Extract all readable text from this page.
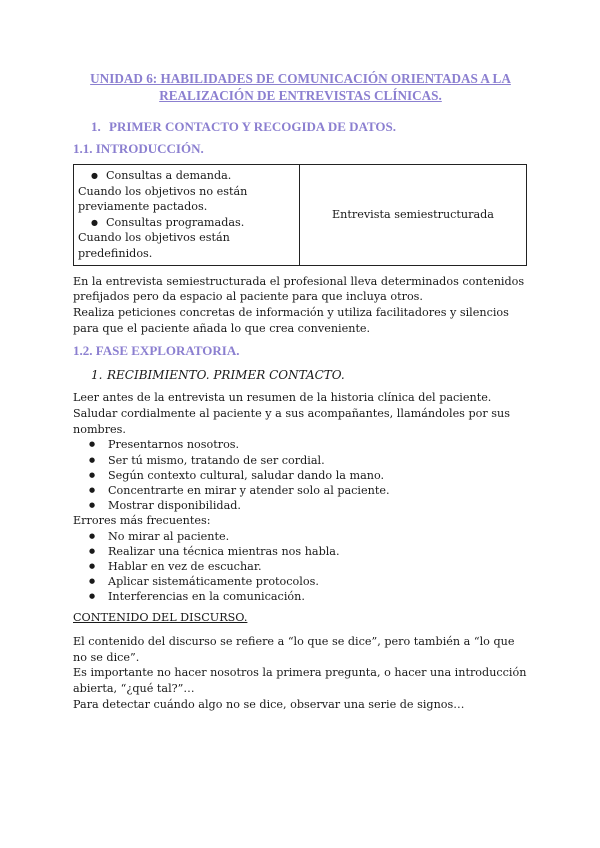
UNIDAD 6: HABILIDADES DE COMUNICACIÓN ORIENTADAS A LA
REALIZACIÓN DE ENTREVISTAS CLÍNICAS.
1. PRIMER CONTACTO Y RECOGIDA DE DATOS.
1.1. INTRODUCCIÓN.
● Consultas a demanda.
Cuando los objetivos no están previamente pactados.
● Consultas programadas.
Cuando los objetivos están predefinidos.
	Entrevista semiestructurada

En la entrevista semiestructurada el profesional lleva determinados contenidos prefijados pero da espacio al paciente para que incluya otros.

Realiza peticiones concretas de información y utiliza facilitadores y silencios para que el paciente añada lo que crea conveniente.

1.2. FASE EXPLORATORIA.
1. RECIBIMIENTO. PRIMER CONTACTO.

Leer antes de la entrevista un resumen de la historia clínica del paciente.

Saludar cordialmente al paciente y a sus acompañantes, llamándoles por sus nombres.

● Presentarnos nosotros.
● Ser tú mismo, tratando de ser cordial.
● Según contexto cultural, saludar dando la mano.
● Concentrarte en mirar y atender solo al paciente.
● Mostrar disponibilidad.

Errores más frecuentes:

● No mirar al paciente.
● Realizar una técnica mientras nos habla.
● Hablar en vez de escuchar.
● Aplicar sistemáticamente protocolos.
● Interferencias en la comunicación.

CONTENIDO DEL DISCURSO.

El contenido del discurso se refiere a “lo que se dice”, pero también a “lo que no se dice”.

Es importante no hacer nosotros la primera pregunta, o hacer una introducción abierta, “¿qué tal?”…

Para detectar cuándo algo no se dice, observar una serie de signos…
